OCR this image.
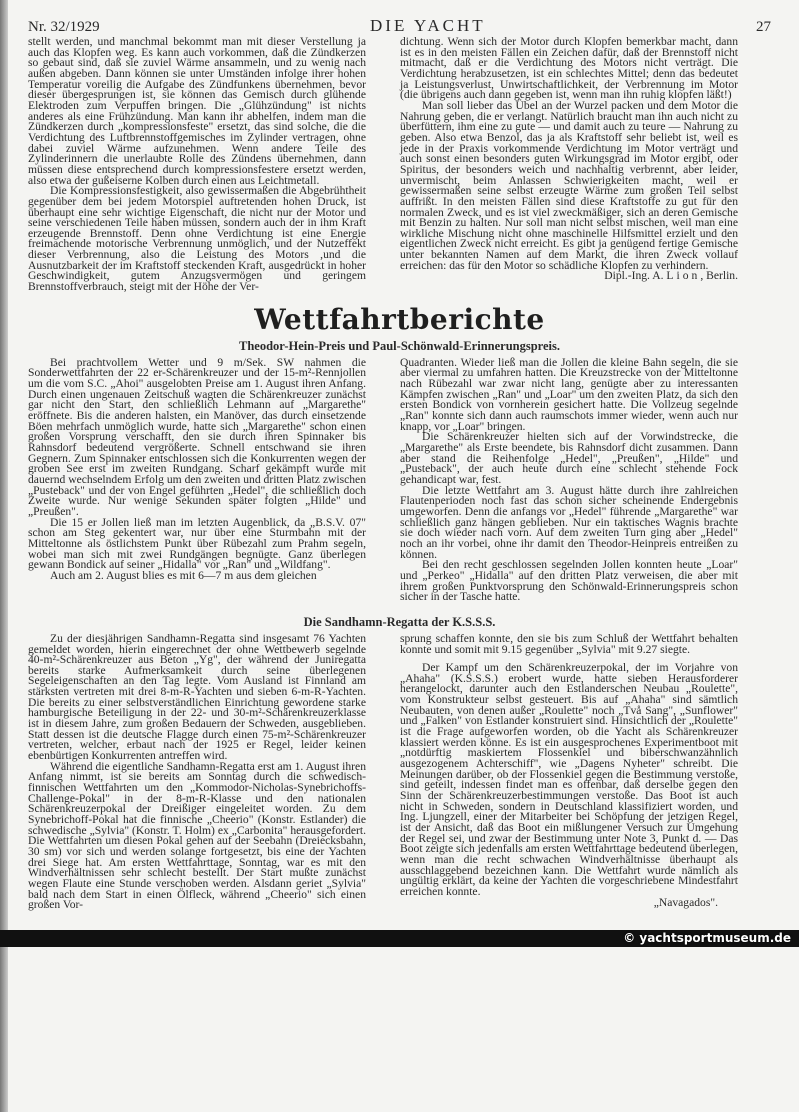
Nr. 32/1929	DIE YACHT	27

stellt werden, und manchmal bekommt man mit dieser Verstellung ja auch das Klopfen weg. Es kann auch vorkommen, daß die Zündkerzen so gebaut sind, daß sie zuviel Wärme ansammeln, und zu wenig nach außen abgeben. Dann können sie unter Umständen infolge ihrer hohen Temperatur voreilig die Aufgabe des Zündfunkens übernehmen, bevor dieser übergesprungen ist, sie können das Gemisch durch glühende Elektroden zum Verpuffen bringen. Die „Glühzündung" ist nichts anderes als eine Frühzündung. Man kann ihr abhelfen, indem man die Zündkerzen durch „kompressionsfeste" ersetzt, das sind solche, die die Verdichtung des Luftbrennstoffgemisches im Zylinder vertragen, ohne dabei zuviel Wärme aufzunehmen. Wenn andere Teile des Zylinderinnern die unerlaubte Rolle des Zündens übernehmen, dann müssen diese entsprechend durch kompressionsfestere ersetzt werden, also etwa der gußeiserne Kolben durch einen aus Leichtmetall.

Die Kompressionsfestigkeit, also gewissermaßen die Abgebrühtheit gegenüber dem bei jedem Motorspiel auftretenden hohen Druck, ist überhaupt eine sehr wichtige Eigenschaft, die nicht nur der Motor und seine verschiedenen Teile haben müssen, sondern auch der in ihm Kraft erzeugende Brennstoff. Denn ohne Verdichtung ist eine Energie freimachende motorische Verbrennung unmöglich, und der Nutzeffekt dieser Verbrennung, also die Leistung des Motors ,und die Ausnutzbarkeit der im Kraftstoff steckenden Kraft, ausgedrückt in hoher Geschwindigkeit, gutem Anzugsvermögen und geringem Brennstoffverbrauch, steigt mit der Höhe der Ver-

dichtung. Wenn sich der Motor durch Klopfen bemerkbar macht, dann ist es in den meisten Fällen ein Zeichen dafür, daß der Brennstoff nicht mitmacht, daß er die Verdichtung des Motors nicht verträgt. Die Verdichtung herabzusetzen, ist ein schlechtes Mittel; denn das bedeutet ja Leistungsverlust, Unwirtschaftlichkeit, der Verbrennung im Motor (die übrigens auch dann gegeben ist, wenn man ihn ruhig klopfen läßt!)

Man soll lieber das Übel an der Wurzel packen und dem Motor die Nahrung geben, die er verlangt. Natürlich braucht man ihn auch nicht zu überfüttern, ihm eine zu gute — und damit auch zu teure — Nahrung zu geben. Also etwa Benzol, das ja als Kraftstoff sehr beliebt ist, weil es jede in der Praxis vorkommende Verdichtung im Motor verträgt und auch sonst einen besonders guten Wirkungsgrad im Motor ergibt, oder Spiritus, der besonders weich und nachhaltig verbrennt, aber leider, unvermischt, beim Anlassen Schwierigkeiten macht, weil er gewissermaßen seine selbst erzeugte Wärme zum großen Teil selbst auffrißt. In den meisten Fällen sind diese Kraftstoffe zu gut für den normalen Zweck, und es ist viel zweckmäßiger, sich an deren Gemische mit Benzin zu halten. Nur soll man nicht selbst mischen, weil man eine wirkliche Mischung nicht ohne maschinelle Hilfsmittel erzielt und den eigentlichen Zweck nicht erreicht. Es gibt ja genügend fertige Gemische unter bekannten Namen auf dem Markt, die ihren Zweck vollauf erreichen: das für den Motor so schädliche Klopfen zu verhindern.

Dipl.-Ing. A. Lion, Berlin.

Wettfahrtberichte
Theodor-Hein-Preis und Paul-Schönwald-Erinnerungspreis.

Bei prachtvollem Wetter und 9 m/Sek. SW nahmen die Sonderwettfahrten der 22 er-Schärenkreuzer und der 15-m²-Rennjollen um die vom S.C. „Ahoi" ausgelobten Preise am 1. August ihren Anfang. Durch einen ungenauen Zeitschuß wagten die Schärenkreuzer zunächst gar nicht den Start, den schließlich Lehmann auf „Margarethe" eröffnete. Bis die anderen halsten, ein Manöver, das durch einsetzende Böen mehrfach unmöglich wurde, hatte sich „Margarethe" schon einen großen Vorsprung verschafft, den sie durch ihren Spinnaker bis Rahnsdorf bedeutend vergrößerte. Schnell entschwand sie ihren Gegnern. Zum Spinnaker entschlossen sich die Konkurrenten wegen der groben See erst im zweiten Rundgang. Scharf gekämpft wurde mit dauernd wechselndem Erfolg um den zweiten und dritten Platz zwischen „Pusteback" und der von Engel geführten „Hedel", die schließlich doch Zweite wurde. Nur wenige Sekunden später folgten „Hilde" und „Preußen".

Die 15 er Jollen ließ man im letzten Augenblick, da „B.S.V. 07" schon am Steg gekentert war, nur über eine Sturmbahn mit der Mitteltonne als östlichstem Punkt über Rübezahl zum Prahm segeln, wobei man sich mit zwei Rundgängen begnügte. Ganz überlegen gewann Bondick auf seiner „Hidalla" vor „Ran" und „Wildfang".

Auch am 2. August blies es mit 6—7 m aus dem gleichen

Quadranten. Wieder ließ man die Jollen die kleine Bahn segeln, die sie aber viermal zu umfahren hatten. Die Kreuzstrecke von der Mitteltonne nach Rübezahl war zwar nicht lang, genügte aber zu interessanten Kämpfen zwischen „Ran" und „Loar" um den zweiten Platz, da sich den ersten Bondick von vornherein gesichert hatte. Die Vollzeug segelnde „Ran" konnte sich dann auch raumschots immer wieder, wenn auch nur knapp, vor „Loar" bringen.

Die Schärenkreuzer hielten sich auf der Vorwindstrecke, die „Margarethe" als Erste beendete, bis Rahnsdorf dicht zusammen. Dann aber stand die Reihenfolge „Hedel", „Preußen", „Hilde" und „Pusteback", der auch heute durch eine schlecht stehende Fock gehandicapt war, fest.

Die letzte Wettfahrt am 3. August hätte durch ihre zahlreichen Flautenperioden noch fast das schon sicher scheinende Endergebnis umgeworfen. Denn die anfangs vor „Hedel" führende „Margarethe" war schließlich ganz hängen geblieben. Nur ein taktisches Wagnis brachte sie doch wieder nach vorn. Auf dem zweiten Turn ging aber „Hedel" noch an ihr vorbei, ohne ihr damit den Theodor-Heinpreis entreißen zu können.

Bei den recht geschlossen segelnden Jollen konnten heute „Loar" und „Perkeo" „Hidalla" auf den dritten Platz verweisen, die aber mit ihrem großen Punktvorsprung den Schönwald-Erinnerungspreis schon sicher in der Tasche hatte.

Die Sandhamn-Regatta der K.S.S.S.

Zu der diesjährigen Sandhamn-Regatta sind insgesamt 76 Yachten gemeldet worden, hierin eingerechnet der ohne Wettbewerb segelnde 40-m²-Schärenkreuzer aus Beton „Yg", der während der Juniregatta bereits starke Aufmerksamkeit durch seine überlegenen Segeleigenschaften an den Tag legte. Vom Ausland ist Finnland am stärksten vertreten mit drei 8-m-R-Yachten und sieben 6-m-R-Yachten. Die bereits zu einer selbstverständlichen Einrichtung gewordene starke hamburgische Beteiligung in der 22- und 30-m²-Schärenkreuzerklasse ist in diesem Jahre, zum großen Bedauern der Schweden, ausgeblieben. Statt dessen ist die deutsche Flagge durch einen 75-m²-Schärenkreuzer vertreten, welcher, erbaut nach der 1925 er Regel, leider keinen ebenbürtigen Konkurrenten antreffen wird.

Während die eigentliche Sandhamn-Regatta erst am 1. August ihren Anfang nimmt, ist sie bereits am Sonntag durch die schwedisch-finnischen Wettfahrten um den „Kommodor-Nicholas-Synebrichoffs-Challenge-Pokal" in der 8-m-R-Klasse und den nationalen Schärenkreuzerpokal der Dreißiger eingeleitet worden. Zu dem Synebrichoff-Pokal hat die finnische „Cheerio" (Konstr. Estlander) die schwedische „Sylvia" (Konstr. T. Holm) ex „Carbonita" herausgefordert. Die Wettfahrten um diesen Pokal gehen auf der Seebahn (Dreiecksbahn, 30 sm) vor sich und werden solange fortgesetzt, bis eine der Yachten drei Siege hat. Am ersten Wettfahrttage, Sonntag, war es mit den Windverhältnissen sehr schlecht bestellt. Der Start mußte zunächst wegen Flaute eine Stunde verschoben werden. Alsdann geriet „Sylvia" bald nach dem Start in einen Ölfleck, während „Cheerio" sich einen großen Vor-

sprung schaffen konnte, den sie bis zum Schluß der Wettfahrt behalten konnte und somit mit 9.15 gegenüber „Sylvia" mit 9.27 siegte.

Der Kampf um den Schärenkreuzerpokal, der im Vorjahre von „Ahaha" (K.S.S.S.) erobert wurde, hatte sieben Herausforderer herangelockt, darunter auch den Estlanderschen Neubau „Roulette", vom Konstrukteur selbst gesteuert. Bis auf „Ahaha" sind sämtlich Neubauten, von denen außer „Roulette" noch „Två Sang", „Sunflower" und „Falken" von Estlander konstruiert sind. Hinsichtlich der „Roulette" ist die Frage aufgeworfen worden, ob die Yacht als Schärenkreuzer klassiert werden könne. Es ist ein ausgesprochenes Experimentboot mit „notdürftig maskiertem Flossenkiel und biberschwanzähnlich ausgezogenem Achterschiff", wie „Dagens Nyheter" schreibt. Die Meinungen darüber, ob der Flossenkiel gegen die Bestimmung verstoße, sind geteilt, indessen findet man es offenbar, daß derselbe gegen den Sinn der Schärenkreuzerbestimmungen verstoße. Das Boot ist auch nicht in Schweden, sondern in Deutschland klassifiziert worden, und Ing. Ljungzell, einer der Mitarbeiter bei Schöpfung der jetzigen Regel, ist der Ansicht, daß das Boot ein mißlungener Versuch zur Umgehung der Regel sei, und zwar der Bestimmung unter Note 3, Punkt d. — Das Boot zeigte sich jedenfalls am ersten Wettfahrttage bedeutend überlegen, wenn man die recht schwachen Windverhältnisse überhaupt als ausschlaggebend bezeichnen kann. Die Wettfahrt wurde nämlich als ungültig erklärt, da keine der Yachten die vorgeschriebene Mindestfahrt erreichen konnte.

„Navagados".

© yachtsportmuseum.de
